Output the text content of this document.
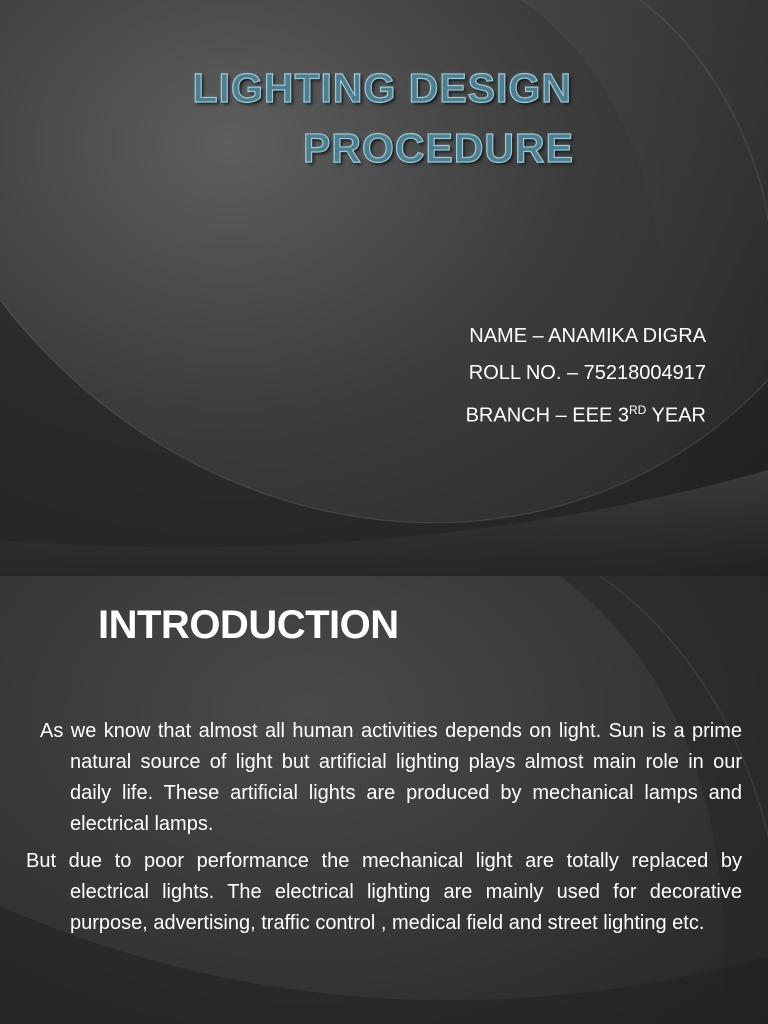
LIGHTING DESIGN
PROCEDURE
NAME – ANAMIKA DIGRA
ROLL NO. – 75218004917
BRANCH – EEE 3RD YEAR
INTRODUCTION

As we know that almost all human activities depends on light. Sun is a prime natural source of light but artificial lighting plays almost main role in our daily life. These artificial lights are produced by mechanical lamps and electrical lamps.

But due to poor performance the mechanical light are totally replaced by electrical lights. The electrical lighting are mainly used for decorative purpose, advertising, traffic control , medical field and street lighting etc.
